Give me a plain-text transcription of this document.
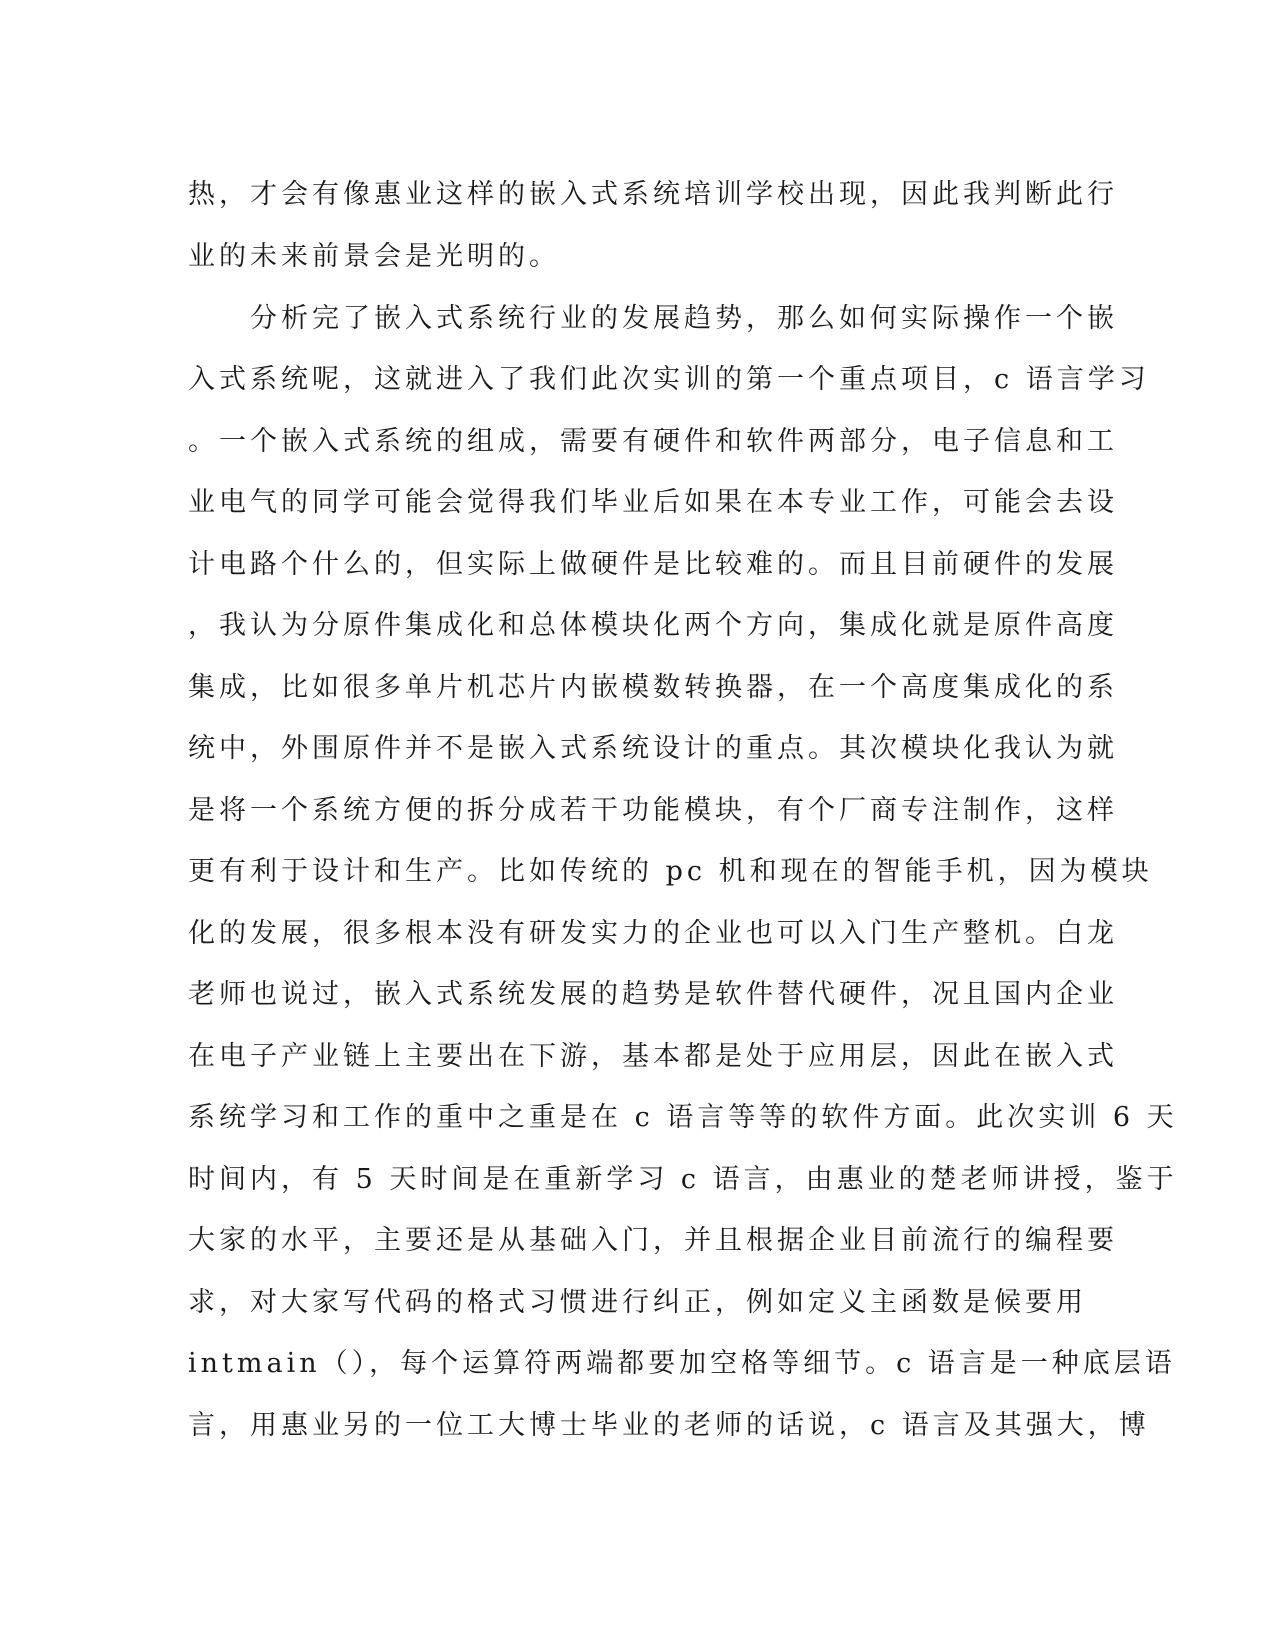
热，才会有像惠业这样的嵌入式系统培训学校出现，因此我判断此行
业的未来前景会是光明的。
　　分析完了嵌入式系统行业的发展趋势，那么如何实际操作一个嵌
入式系统呢，这就进入了我们此次实训的第一个重点项目，c 语言学习
。一个嵌入式系统的组成，需要有硬件和软件两部分，电子信息和工
业电气的同学可能会觉得我们毕业后如果在本专业工作，可能会去设
计电路个什么的，但实际上做硬件是比较难的。而且目前硬件的发展
，我认为分原件集成化和总体模块化两个方向，集成化就是原件高度
集成，比如很多单片机芯片内嵌模数转换器，在一个高度集成化的系
统中，外围原件并不是嵌入式系统设计的重点。其次模块化我认为就
是将一个系统方便的拆分成若干功能模块，有个厂商专注制作，这样
更有利于设计和生产。比如传统的 pc 机和现在的智能手机，因为模块
化的发展，很多根本没有研发实力的企业也可以入门生产整机。白龙
老师也说过，嵌入式系统发展的趋势是软件替代硬件，况且国内企业
在电子产业链上主要出在下游，基本都是处于应用层，因此在嵌入式
系统学习和工作的重中之重是在 c 语言等等的软件方面。此次实训 6 天
时间内，有 5 天时间是在重新学习 c 语言，由惠业的楚老师讲授，鉴于
大家的水平，主要还是从基础入门，并且根据企业目前流行的编程要
求，对大家写代码的格式习惯进行纠正，例如定义主函数是候要用
intmain（），每个运算符两端都要加空格等细节。c 语言是一种底层语
言，用惠业另的一位工大博士毕业的老师的话说，c 语言及其强大，博
